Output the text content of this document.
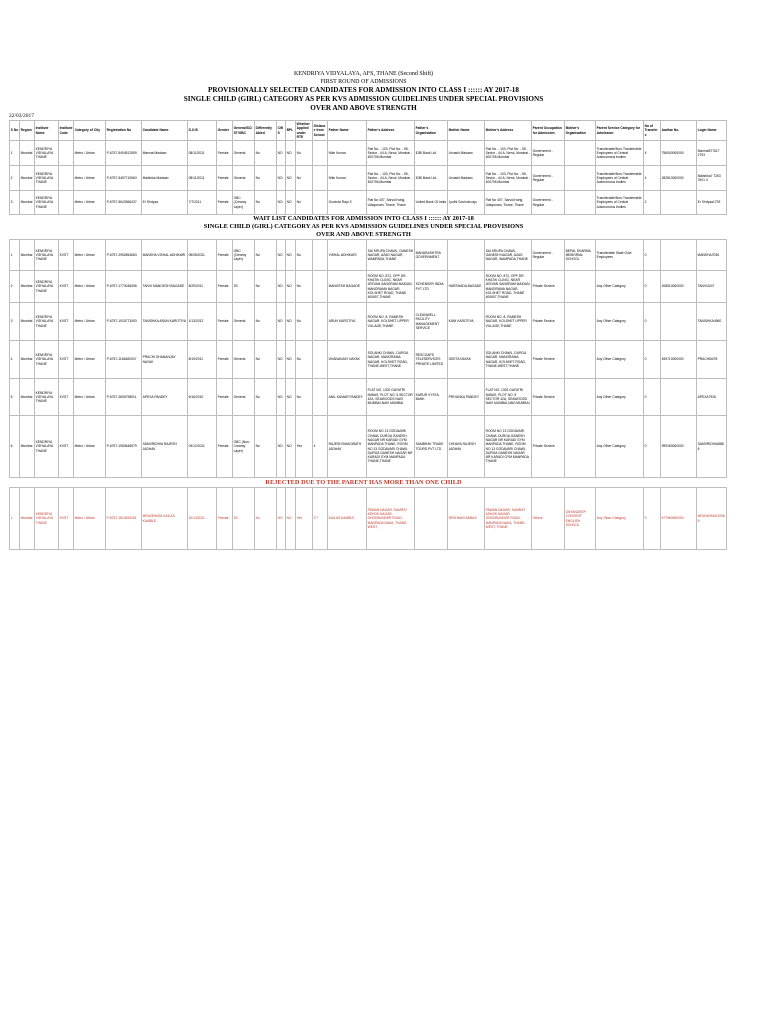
KENDRIYA VIDYALAYA, AFS, THANE (Second Shift)
FIRST ROUND OF ADMISSIONS
PROVISIONALLY SELECTED CANDIDATES FOR ADMISSION INTO CLASS I :::::: AY 2017-18
SINGLE CHILD (GIRL) CATEGORY AS PER KVS ADMISSION GUIDELINES UNDER SPECIAL PROVISIONS
OVER AND ABOVE STRENGTH
22/03/2017
S No	Region	Institute Name	Institute Code	Category of City	Registration No	Candidate Name	D.O.B	Gender	General/SC/ ST/OBC	Differently Abled	CWS	BPL	Whether Applied under RTE	Distance from School	Father Name	Father's Address	Father's Organisation	Mother Name	Mother's Address	Parent Occupation for Admission	Mother's Organisation	Parent Service Category for Admission	No of Transfers	Aadhar No.	Login Name
1	Mumbai	KENDRIYA VIDYALAYA THANE		Metro / Urban	P-6757-5494512559	Mannat Madaan	08/11/2011	Female	General	No	NO	NO	No		Nitin Kumar	Flat No. - 103, Plot No. - 55, Sector - 44 A, Nerul, Mumbai - 400706,Mumbai	IDBI Bank Ltd.	Urvashi Madaan	Flat No. - 103, Plot No. - 55, Sector - 44 A, Nerul, Mumbai - 400706,Mumbai	Government - Regular		Transferable/Non-Transferable Employees of Central Autonomous bodies	4	756000000000	Mannat577617 2793
2	Mumbai	KENDRIYA VIDYALAYA THANE		Metro / Urban	P-6757-5497710663	Malishka Madaan	08/11/2011	Female	General	No	NO	NO	No		Nitin Kumar	Flat No. - 103, Plot No. - 55, Sector - 44 A, Nerul, Mumbai - 400706,Mumbai	IDBI Bank Ltd.	Urvashi Madaan	Flat No. - 103, Plot No. - 55, Sector - 44 A, Nerul, Mumbai - 400706,Mumbai	Government - Regular		Transferable/Non-Transferable Employees of Central Autonomous bodies	4	282810000000	Malishka7 7263 7601 4
3	Mumbai	KENDRIYA VIDYALAYA THANE		Metro / Urban	P-6757-5643366437	Er Shriyaa	7/7/2011	Female	OBC (Creamy Layer)	No	NO	NO	No		Govinda Raju S	Flat No 407, Sarvoll wing, Udayonam, Thane, Thane	United Bank Of India	Jyothi Govinda raju	Flat No 407, Sarvoll wing, Udayonam, Thane, Thane	Government - Regular		Transferable/Non-Transferable Employees of Central Autonomous bodies	2		Er Shriyaa1793
WAIT LIST CANDIDATES FOR ADMISSION INTO CLASS I :::::: AY 2017-18
SINGLE CHILD (GIRL) CATEGORY AS PER KVS ADMISSION GUIDELINES UNDER SPECIAL PROVISIONS
OVER AND ABOVE STRENGTH
1	Mumbai	KENDRIYA VIDYALAYA THANE	KVST	Metro / Urban	P-6757-2952854683	MANSHA VISHAL ADHIKARI	05/08/2011	Female	OBC (Creamy Layer)	No	NO	NO	No		VISHAL ADHIKARI	SAI KRUPA CHAWL, GANESH NAGAR, AZAD NAGAR, WAMPADA,THANE	MAHARASHTRA GOVERNMENT		SAI KRUPA CHAWL, GANESH NAGAR, AZAD NAGAR, WAMPADA,THANE	Government - Regular	BEPAL SHARMA MEMORIAL SCHOOL	Transferable State Govt Employees	0		MANSHA7036
2	Mumbai	KENDRIYA VIDYALAYA THANE	KVST	Metro / Urban	P-6757-1774048496	TANVI MANGESH BAGADE	8/29/2011	Female	SC	No	NO	NO	No		MANGESH BAGADE	ROOM NO. 872, OPP DR. KHATIK CLINIC, NEAR JEEVAN SANGRAM MAIDAN, MANORAMA NAGAR, KOLSHET ROAD, THANE 400607,THANE	SCHENKER INDIA PVT LTD	HARSHADA BAGADE	ROOM NO. 872, OPP DR. KHATIK CLINIC, NEAR JEEVAN SANGRAM MAIDAN, MANORAMA NAGAR, KOLSHET ROAD, THANE 400607,THANE	Private Service		Any Other Category	0	208510000000	TANVI4247
3	Mumbai	KENDRIYA VIDYALAYA THANE	KVST	Metro / Urban	P-6757-1915773493	TANISHKA ARUN KAROTIYA	1/13/2012	Female	General	No	NO	NO	No		ARUN KAROTIYA	ROOM NO. 8, RAMESH NAGAR, KOLSHET UPPER VILLAGE,THANE	CLEANWELL FACILITY MANAGEMENT SERVICE	KANI KAROTIYA	ROOM NO. 8, RAMESH NAGAR, KOLSHET UPPER VILLAGE,THANE	Private Service		Any Other Category	0		TANISHKA4960
4	Mumbai	KENDRIYA VIDYALAYA THANE	KVST	Metro / Urban	P-6757-1166480037	PRACHI DHANANJAY NAYAK	8/19/2011	Female	General	No	NO	NO	No		DHANANJAY NAYAK	SOLANKI CHAWL, DURGA NAGAR, MANORAMA NAGAR, KOLSHET ROAD, THANE-WEST,THANE	RESCOAPS TELESERVICES PRIVATE LIMITED	GEETA NAYAK	SOLANKI CHAWL, DURGA NAGAR, MANORAMA NAGAR, KOLSHET ROAD, THANE-WEST,THANE	Private Service		Any Other Category	0	459710000000	PRACHI6078
5	Mumbai	KENDRIYA VIDYALAYA THANE	KVST	Metro / Urban	P-6757-2806798511	APEXA PANDEY	6/16/2010	Female	General	No	NO	NO	No		ANIL KUMAR PANDEY	FLAT NO. 1302 GAYATRI NIWAS, PLOT NO. 5 SECTOR 42A, SEAWOODS NAVI MUMBAI,NAVI MUMBAI	KARUR VYSYA BANK	PRIYANKA PANDEY	FLAT NO. 1302 GAYATRI NIWAS, PLOT NO. 5 SECTOR 42A, SEAWOODS NAVI MUMBAI,NAVI MUMBAI	Private Service		Any Other Category	0		APEXA7926
6	Mumbai	KENDRIYA VIDYALAYA THANE	KVST	Metro / Urban	P-6757-1983648979	SAMVRIDHIA RAJESH JADHAV	03/12/2011	Female	OBC (Non-Creamy Layer)	No	NO	NO	Yes	4	RAJESH BHAGWATH JADHAV	ROOM NO 13 GODAVARI CHAWL DURGA GANESH NAGAR NR KARADI GYM MANPADA THANE, ROOM NO 13 GODAVARI CHAWL DURGA GANESH NAGAR NR KARADI GYM MANPADA THANE,THANE	SAMBHAV TRADE TOURS PVT LTD	CHHAYA RAJESH JADHAV	ROOM NO 13 GODAVARI CHAWL DURGA GANESH NAGAR NR KARADI GYM MANPADA THANE, ROOM NO 13 GODAVARI CHAWL DURGA GANESH NAGAR NR KARADI GYM MANPADA THANE	Private Service		Any Other Category	0	999260000000	SAMVRIDHIA8886
REJECTED DUE TO THE PARENT HAS MORE THAN ONE CHILD
1	Mumbai	KENDRIYA VIDYALAYA THANE	KVST	Metro / Urban	P-6757-1814532051	MRUNDHAVI KAILAS KAMBLE	10/13/2011	Female	SC	No	NO	NO	Yes	3.7	KAILAS KAMBLE	PAWAN NAGAR, SAMRAT ASHOK NAGAR, GHODBUNDER ROAD, MANPADA NAKA, THANE-WEST,		RESHMA KAMBLE	PAWAN NAGAR, SAMRAT ASHOK NAGAR, GHODBUNDER ROAD, MANPADA NAKA, THANE-WEST, THANE	Others	DNYANDEEP CONVENT ENGLISH SCHOOL	Any Other Category	0	677960000000	MRUNDHAVI1096 5
